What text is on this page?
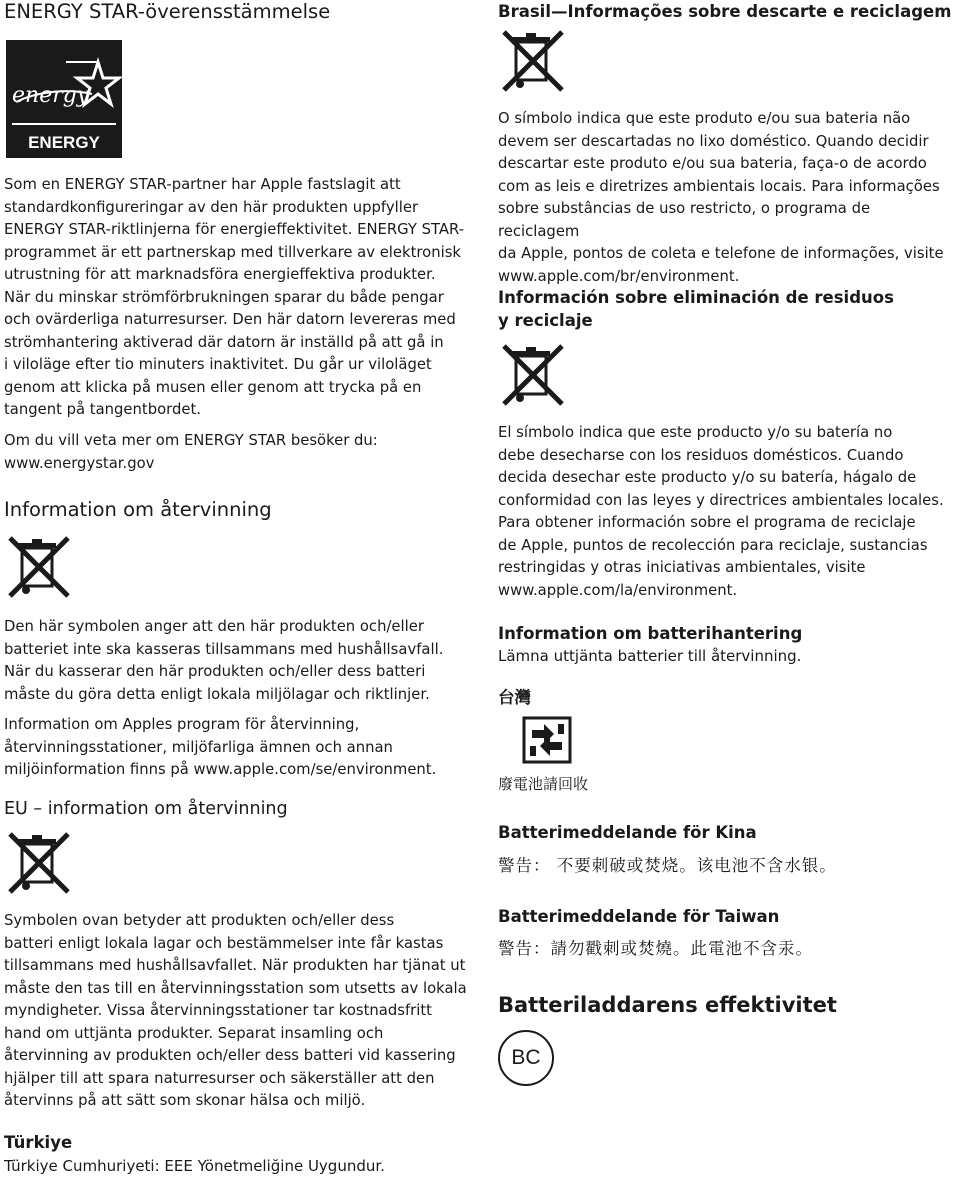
ENERGY STAR-överensstämmelse
energy
ENERGY STAR
Som en ENERGY STAR-partner har Apple fastslagit att
standardkonfigureringar av den här produkten uppfyller
ENERGY STAR-riktlinjerna för energieffektivitet. ENERGY STAR-
programmet är ett partnerskap med tillverkare av elektronisk
utrustning för att marknadsföra energieffektiva produkter.
När du minskar strömförbrukningen sparar du både pengar
och ovärderliga naturresurser. Den här datorn levereras med
strömhantering aktiverad där datorn är inställd på att gå in
i viloläge efter tio minuters inaktivitet. Du går ur viloläget
genom att klicka på musen eller genom att trycka på en
tangent på tangentbordet.
Om du vill veta mer om ENERGY STAR besöker du:
www.energystar.gov
Information om återvinning
Den här symbolen anger att den här produkten och/eller
batteriet inte ska kasseras tillsammans med hushållsavfall.
När du kasserar den här produkten och/eller dess batteri
måste du göra detta enligt lokala miljölagar och riktlinjer.
Information om Apples program för återvinning,
återvinningsstationer, miljöfarliga ämnen och annan
miljöinformation finns på www.apple.com/se/environment.
EU – information om återvinning
Symbolen ovan betyder att produkten och/eller dess
batteri enligt lokala lagar och bestämmelser inte får kastas
tillsammans med hushållsavfallet. När produkten har tjänat ut
måste den tas till en återvinningsstation som utsetts av lokala
myndigheter. Vissa återvinningsstationer tar kostnadsfritt
hand om uttjänta produkter. Separat insamling och
återvinning av produkten och/eller dess batteri vid kassering
hjälper till att spara naturresurser och säkerställer att den
återvinns på att sätt som skonar hälsa och miljö.
Türkiye
Türkiye Cumhuriyeti: EEE Yönetmeliğine Uygundur.
Brasil—Informações sobre descarte e reciclagem
O símbolo indica que este produto e/ou sua bateria não
devem ser descartadas no lixo doméstico. Quando decidir
descartar este produto e/ou sua bateria, faça-o de acordo
com as leis e diretrizes ambientais locais. Para informações
sobre substâncias de uso restricto, o programa de reciclagem
da Apple, pontos de coleta e telefone de informações, visite
www.apple.com/br/environment.
Información sobre eliminación de residuos
y reciclaje
El símbolo indica que este producto y/o su batería no
debe desecharse con los residuos domésticos. Cuando
decida desechar este producto y/o su batería, hágalo de
conformidad con las leyes y directrices ambientales locales.
Para obtener información sobre el programa de reciclaje
de Apple, puntos de recolección para reciclaje, sustancias
restringidas y otras iniciativas ambientales, visite
www.apple.com/la/environment.
Information om batterihantering
Lämna uttjänta batterier till återvinning.
台灣
廢電池請回收
Batterimeddelande för Kina
警告： 不要刺破或焚烧。该电池不含水银。
Batterimeddelande för Taiwan
警告：請勿戳刺或焚燒。此電池不含汞。
Batteriladdarens effektivitet
BC
